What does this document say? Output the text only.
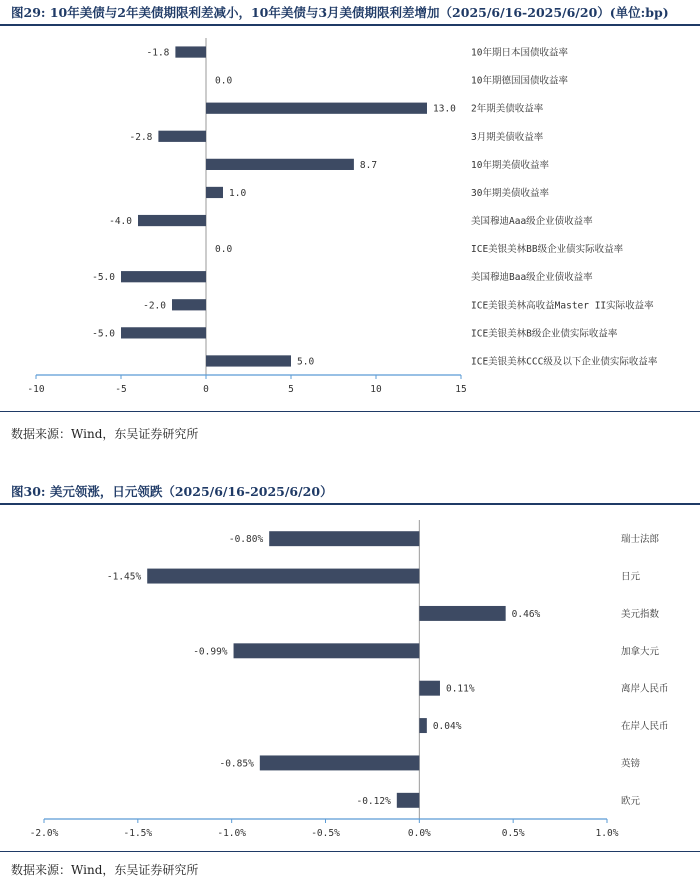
图29: 10年美债与2年美债期限利差减小，10年美债与3月美债期限利差增加（2025/6/16-2025/6/20）(单位:bp)
-10	-5	0	5	10	15
-1.8	10年期日本国债收益率
0.0	10年期德国国债收益率
13.0 2年期美债收益率
-2.8	3月期美债收益率
8.7	10年期美债收益率
1.0	30年期美债收益率
-4.0	美国穆迪Aaa级企业债收益率
0.0	ICE美银美林BB级企业债实际收益率
-5.0	美国穆迪Baa级企业债收益率
-2.0	ICE美银美林高收益Master II实际收益率
-5.0	ICE美银美林B级企业债实际收益率
5.0	ICE美银美林CCC级及以下企业债实际收益率
数据来源：Wind，东吴证券研究所
图30: 美元领涨，日元领跌（2025/6/16-2025/6/20）
-2.0%	-1.5%	-1.0%	-0.5%	0.0%	0.5%	1.0%
-0.80%	瑞士法郎
-1.45%	日元
0.46%	美元指数
-0.99%	加拿大元
0.11%	离岸人民币
0.04%	在岸人民币
-0.85%	英镑
-0.12%	欧元
数据来源：Wind，东吴证券研究所
